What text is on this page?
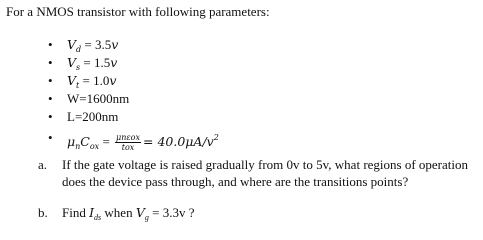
For a NMOS transistor with following parameters:
• $V_d = 3.5v$
• $V_s = 1.5v$
• $V_t = 1.0v$
• W=1600nm
• L=200nm
• $\mu_nC_{ox} = \frac{\text{μnεox}}{\text{tox}} = 40.0\mu A/v^2$
a. If the gate voltage is raised gradually from 0v to 5v, what regions of operation
does the device pass through, and where are the transitions points?
b. Find $I_{ds}$ when $V_g = 3.3v$ ?
